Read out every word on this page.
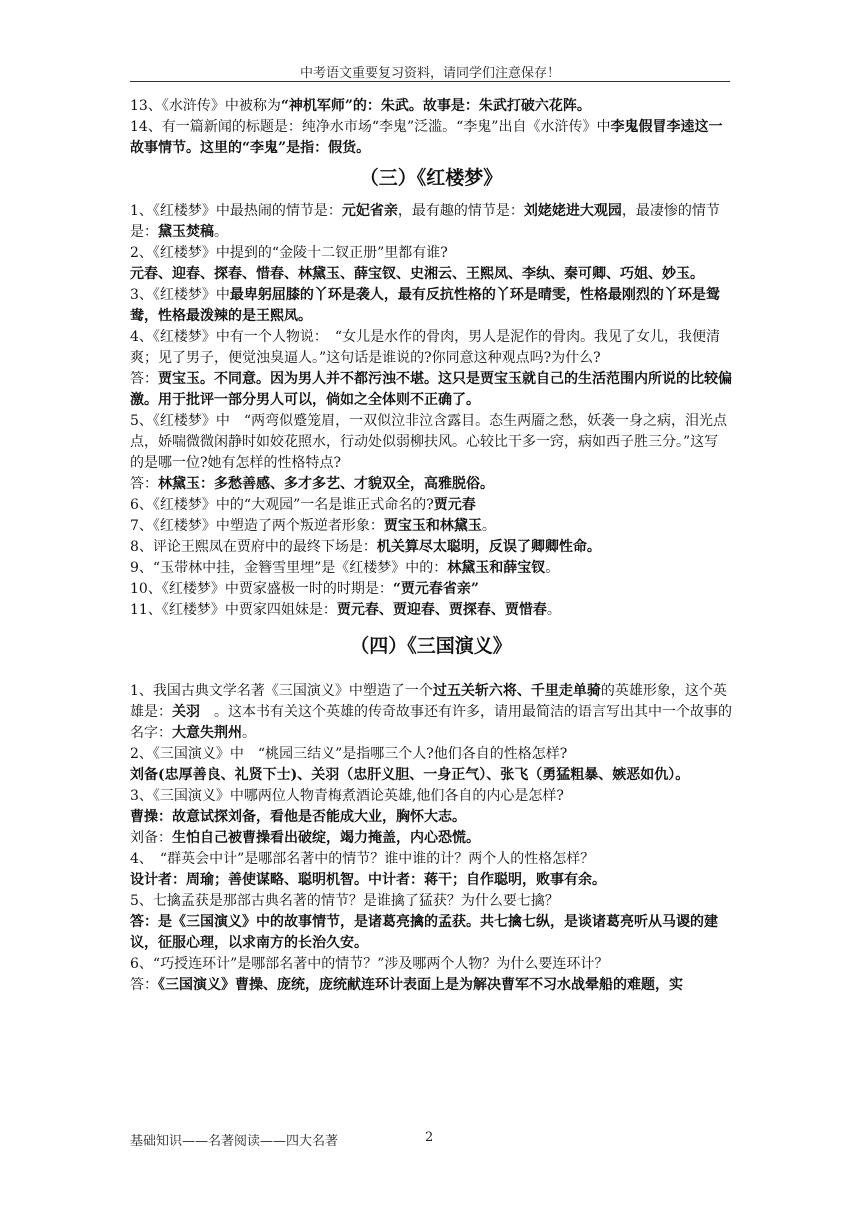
中考语文重要复习资料，请同学们注意保存！

13、《水浒传》中被称为“神机军师”的：朱武。故事是：朱武打破六花阵。

14、有一篇新闻的标题是：纯净水市场“李鬼”泛滥。“李鬼”出自《水浒传》中李鬼假冒李逵这一故事情节。这里的“李鬼”是指：假货。

（三）《红楼梦》

1、《红楼梦》中最热闹的情节是：元妃省亲，最有趣的情节是：刘姥姥进大观园，最凄惨的情节是：黛玉焚稿。

2、《红楼梦》中提到的“金陵十二钗正册”里都有谁?

元春、迎春、探春、惜春、林黛玉、薛宝钗、史湘云、王熙凤、李纨、秦可卿、巧姐、妙玉。

3、《红楼梦》中最卑躬屈膝的丫环是袭人，最有反抗性格的丫环是晴雯，性格最刚烈的丫环是鸳鸯，性格最泼辣的是王熙凤。

4、《红楼梦》中有一个人物说：　“女儿是水作的骨肉，男人是泥作的骨肉。我见了女儿，我便清爽；见了男子，便觉浊臭逼人。”这句话是谁说的?你同意这种观点吗?为什么?

答：贾宝玉。不同意。因为男人并不都污浊不堪。这只是贾宝玉就自己的生活范围内所说的比较偏激。用于批评一部分男人可以，倘如之全体则不正确了。

5、《红楼梦》中　“两弯似蹙笼眉，一双似泣非泣含露目。态生两靥之愁，妖袭一身之病，泪光点点，娇喘微微闲静时如姣花照水，行动处似弱柳扶风。心较比干多一窍，病如西子胜三分。”这写的是哪一位?她有怎样的性格特点?

答：林黛玉：多愁善感、多才多艺、才貌双全，高雅脱俗。

6、《红楼梦》中的“大观园”一名是谁正式命名的?贾元春

7、《红楼梦》中塑造了两个叛逆者形象：贾宝玉和林黛玉。

8、评论王熙凤在贾府中的最终下场是：机关算尽太聪明，反误了卿卿性命。

9、“玉带林中挂，金簪雪里埋”是《红楼梦》中的：林黛玉和薛宝钗。

10、《红楼梦》中贾家盛极一时的时期是：“贾元春省亲”

11、《红楼梦》中贾家四姐妹是：贾元春、贾迎春、贾探春、贾惜春。

（四）《三国演义》

1、我国古典文学名著《三国演义》中塑造了一个过五关斩六将、千里走单骑的英雄形象，这个英雄是：关羽　。这本书有关这个英雄的传奇故事还有许多，请用最简洁的语言写出其中一个故事的名字：大意失荆州。

2、《三国演义》中　“桃园三结义”是指哪三个人?他们各自的性格怎样?

刘备(忠厚善良、礼贤下士)、关羽（忠肝义胆、一身正气）、张飞（勇猛粗暴、嫉恶如仇）。

3、《三国演义》中哪两位人物青梅煮酒论英雄,他们各自的内心是怎样?

曹操：故意试探刘备，看他是否能成大业，胸怀大志。

刘备：生怕自己被曹操看出破绽，竭力掩盖，内心恐慌。

4、　“群英会中计”是哪部名著中的情节？谁中谁的计？两个人的性格怎样？

设计者：周瑜；善使谋略、聪明机智。中计者：蒋干；自作聪明，败事有余。

5、七擒孟获是那部古典名著的情节？是谁擒了猛获？为什么要七擒？

答：是《三国演义》中的故事情节，是诸葛亮擒的孟获。共七擒七纵，是谈诸葛亮听从马谡的建议，征服心理，以求南方的长治久安。

6、“巧授连环计”是哪部名著中的情节？”涉及哪两个人物？为什么要连环计？

答：《三国演义》曹操、庞统，庞统献连环计表面上是为解决曹军不习水战晕船的难题，实

基础知识——名著阅读——四大名著	2
